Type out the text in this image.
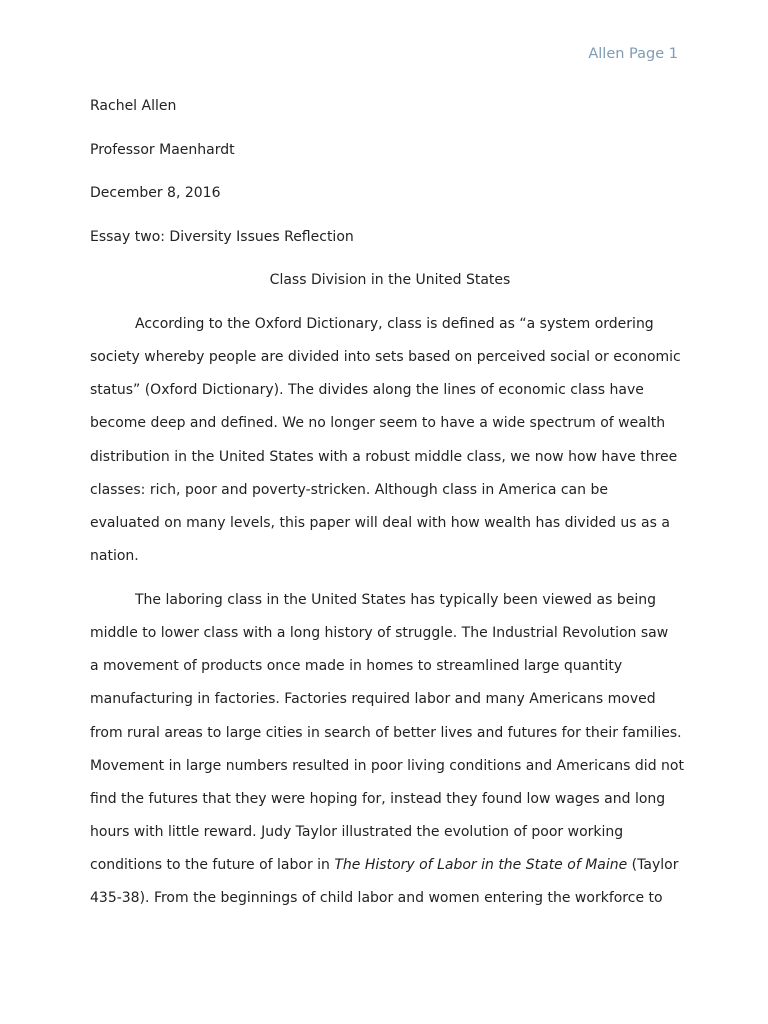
Allen Page 1
Rachel Allen
Professor Maenhardt
December 8, 2016
Essay two: Diversity Issues Reflection
Class Division in the United States
According to the Oxford Dictionary, class is defined as “a system ordering
society whereby people are divided into sets based on perceived social or economic
status” (Oxford Dictionary). The divides along the lines of economic class have
become deep and defined. We no longer seem to have a wide spectrum of wealth
distribution in the United States with a robust middle class, we now how have three
classes: rich, poor and poverty-stricken. Although class in America can be
evaluated on many levels, this paper will deal with how wealth has divided us as a
nation.
The laboring class in the United States has typically been viewed as being
middle to lower class with a long history of struggle. The Industrial Revolution saw
a movement of products once made in homes to streamlined large quantity
manufacturing in factories. Factories required labor and many Americans moved
from rural areas to large cities in search of better lives and futures for their families.
Movement in large numbers resulted in poor living conditions and Americans did not
find the futures that they were hoping for, instead they found low wages and long
hours with little reward. Judy Taylor illustrated the evolution of poor working
conditions to the future of labor in The History of Labor in the State of Maine (Taylor
435-38). From the beginnings of child labor and women entering the workforce to
